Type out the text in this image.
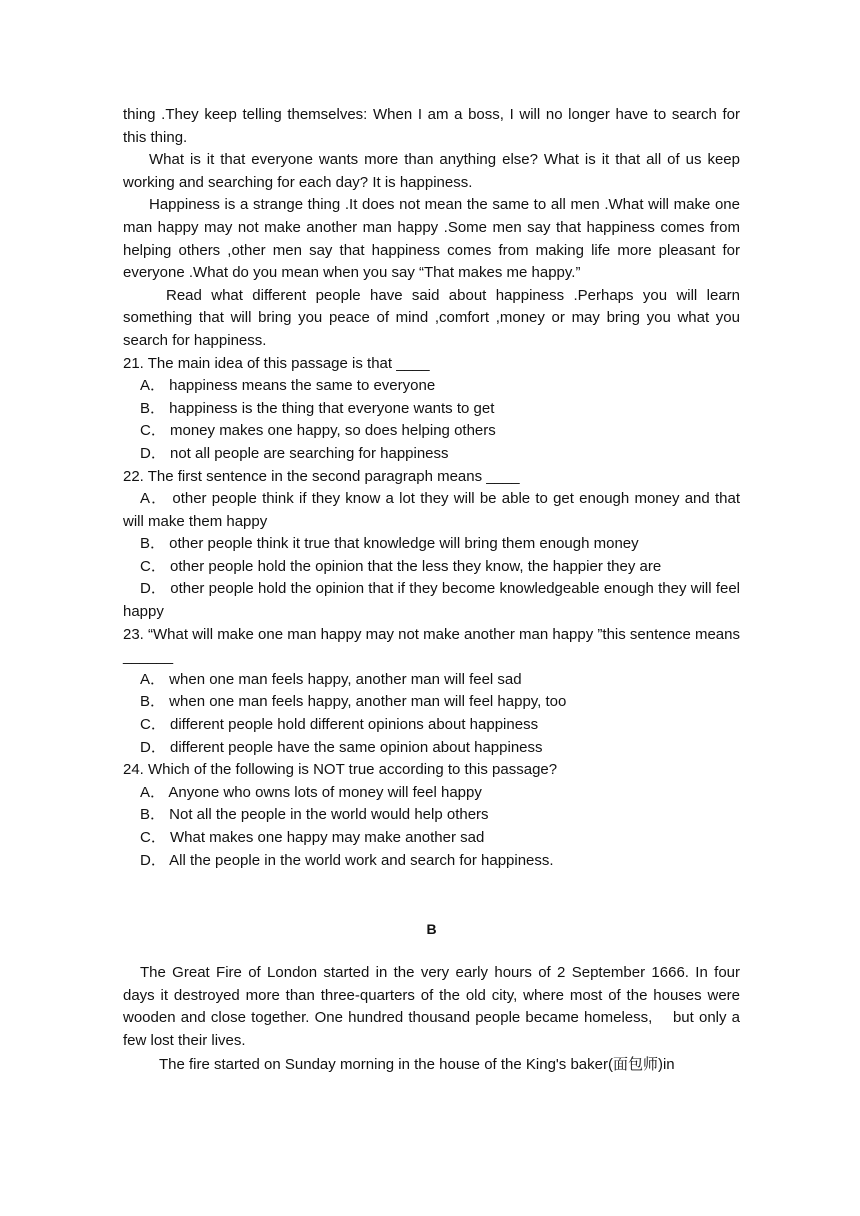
thing .They keep telling themselves: When I am a boss, I will no longer have to search for this thing.

What is it that everyone wants more than anything else? What is it that all of us keep working and searching for each day? It is happiness.

Happiness is a strange thing .It does not mean the same to all men .What will make one man happy may not make another man happy .Some men say that happiness comes from helping others ,other men say that happiness comes from making life more pleasant for everyone .What do you mean when you say “That makes me happy.”

Read what different people have said about happiness .Perhaps you will learn something that will bring you peace of mind ,comfort ,money or may bring you what you search for happiness.

21. The main idea of this passage is that ____

A． happiness means the same to everyone

B． happiness is the thing that everyone wants to get

C． money makes one happy, so does helping others

D． not all people are searching for happiness

22. The first sentence in the second paragraph means ____

A． other people think if they know a lot they will be able to get enough money and that will make them happy

B． other people think it true that knowledge will bring them enough money

C． other people hold the opinion that the less they know, the happier they are

D． other people hold the opinion that if they become knowledgeable enough they will feel happy

23. “What will make one man happy may not make another man happy ”this sentence means ______

A． when one man feels happy, another man will feel sad

B． when one man feels happy, another man will feel happy, too

C． different people hold different opinions about happiness

D． different people have the same opinion about happiness

24. Which of the following is NOT true according to this passage?

A． Anyone who owns lots of money will feel happy

B． Not all the people in the world would help others

C． What makes one happy may make another sad

D． All the people in the world work and search for happiness.

B

The Great Fire of London started in the very early hours of 2 September 1666. In four days it destroyed more than three-quarters of the old city, where most of the houses were wooden and close together. One hundred thousand people became homeless,    but only a few lost their lives.

The fire started on Sunday morning in the house of the King's baker(面包师)in
